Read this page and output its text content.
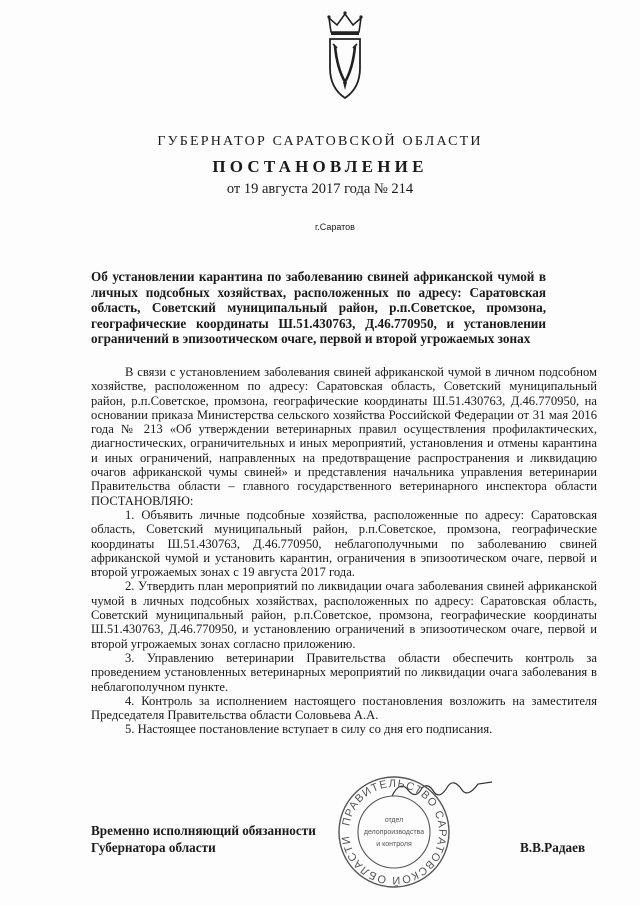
ГУБЕРНАТОР САРАТОВСКОЙ ОБЛАСТИ
ПОСТАНОВЛЕНИЕ
от 19 августа 2017 года № 214
г.Саратов
Об установлении карантина по заболеванию свиней африканской чумой в личных подсобных хозяйствах, расположенных по адресу: Саратовская область, Советский муниципальный район, р.п.Советское, промзона, географические координаты Ш.51.430763, Д.46.770950, и установлении ограничений в эпизоотическом очаге, первой и второй угрожаемых зонах

В связи с установлением заболевания свиней африканской чумой в личном подсобном хозяйстве, расположенном по адресу: Саратовская область, Советский муниципальный район, р.п.Советское, промзона, географические координаты Ш.51.430763, Д.46.770950, на основании приказа Министерства сельского хозяйства Российской Федерации от 31 мая 2016 года № 213 «Об утверждении ветеринарных правил осуществления профилактических, диагностических, ограничительных и иных мероприятий, установления и отмены карантина и иных ограничений, направленных на предотвращение распространения и ликвидацию очагов африканской чумы свиней» и представления начальника управления ветеринарии Правительства области – главного государственного ветеринарного инспектора области ПОСТАНОВЛЯЮ:

1. Объявить личные подсобные хозяйства, расположенные по адресу: Саратовская область, Советский муниципальный район, р.п.Советское, промзона, географические координаты Ш.51.430763, Д.46.770950, неблагополучными по заболеванию свиней африканской чумой и установить карантин, ограничения в эпизоотическом очаге, первой и второй угрожаемых зонах с 19 августа 2017 года.

2. Утвердить план мероприятий по ликвидации очага заболевания свиней африканской чумой в личных подсобных хозяйствах, расположенных по адресу: Саратовская область, Советский муниципальный район, р.п.Советское, промзона, географические координаты Ш.51.430763, Д.46.770950, и установлению ограничений в эпизоотическом очаге, первой и второй угрожаемых зонах согласно приложению.

3. Управлению ветеринарии Правительства области обеспечить контроль за проведением установленных ветеринарных мероприятий по ликвидации очага заболевания в неблагополучном пункте.

4. Контроль за исполнением настоящего постановления возложить на заместителя Председателя Правительства области Соловьева А.А.

5. Настоящее постановление вступает в силу со дня его подписания.

Временно исполняющий обязанности
Губернатора области	В.В.Радаев
ПРАВИТЕЛЬСТВО САРАТОВСКОЙ ОБЛАСТИ
отдел
делопроизводства
и контроля
